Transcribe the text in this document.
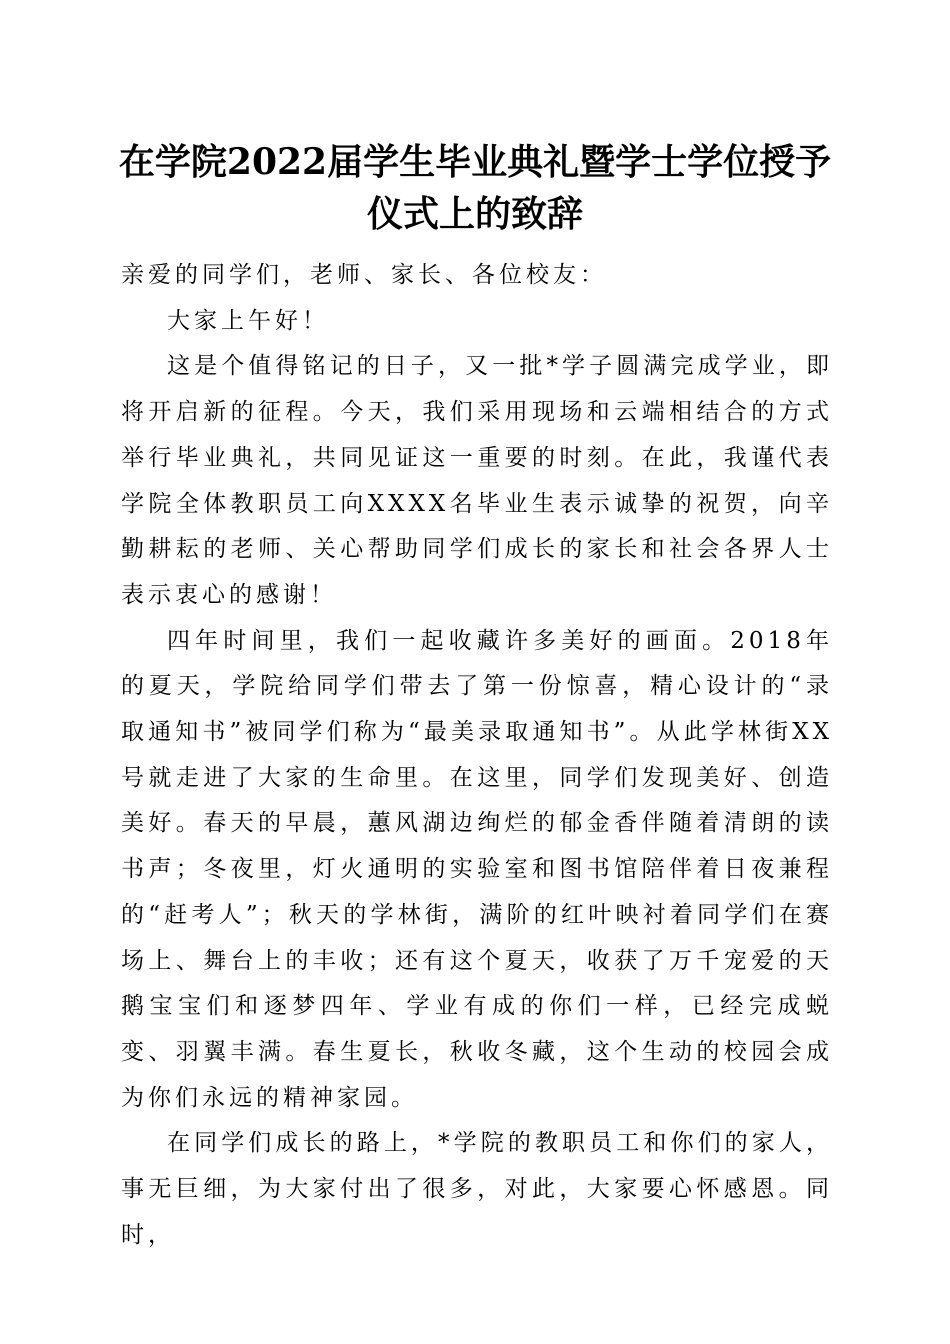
在学院2022届学生毕业典礼暨学士学位授予
仪式上的致辞

亲爱的同学们，老师、家长、各位校友：

大家上午好！

这是个值得铭记的日子，又一批*学子圆满完成学业，即将开启新的征程。今天，我们采用现场和云端相结合的方式举行毕业典礼，共同见证这一重要的时刻。在此，我谨代表学院全体教职员工向XXXX名毕业生表示诚挚的祝贺，向辛勤耕耘的老师、关心帮助同学们成长的家长和社会各界人士表示衷心的感谢！

四年时间里，我们一起收藏许多美好的画面。2018年的夏天，学院给同学们带去了第一份惊喜，精心设计的“录取通知书”被同学们称为“最美录取通知书”。从此学林街XX号就走进了大家的生命里。在这里，同学们发现美好、创造美好。春天的早晨，蕙风湖边绚烂的郁金香伴随着清朗的读书声；冬夜里，灯火通明的实验室和图书馆陪伴着日夜兼程的“赶考人”；秋天的学林街，满阶的红叶映衬着同学们在赛场上、舞台上的丰收；还有这个夏天，收获了万千宠爱的天鹅宝宝们和逐梦四年、学业有成的你们一样，已经完成蜕变、羽翼丰满。春生夏长，秋收冬藏，这个生动的校园会成为你们永远的精神家园。

在同学们成长的路上，*学院的教职员工和你们的家人，事无巨细，为大家付出了很多，对此，大家要心怀感恩。同时，
